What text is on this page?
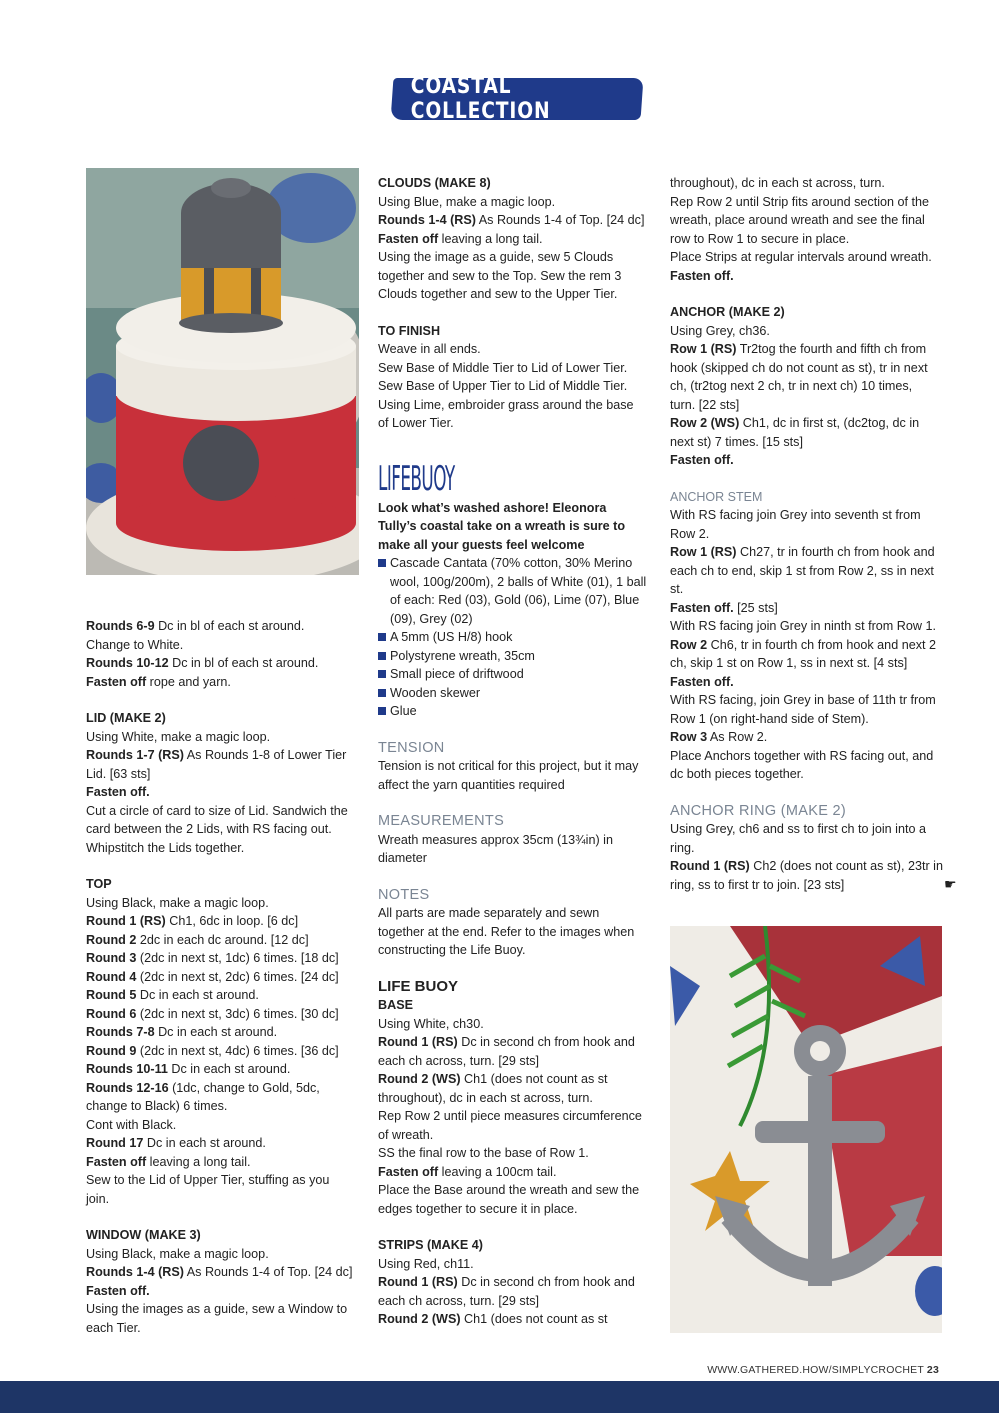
COASTAL COLLECTION

Rounds 6-9 Dc in bl of each st around.

Change to White.

Rounds 10-12 Dc in bl of each st around.

Fasten off rope and yarn.

LID (MAKE 2)

Using White, make a magic loop.

Rounds 1-7 (RS) As Rounds 1-8 of Lower Tier

Lid. [63 sts]

Fasten off.

Cut a circle of card to size of Lid. Sandwich the

card between the 2 Lids, with RS facing out.

Whipstitch the Lids together.

TOP

Using Black, make a magic loop.

Round 1 (RS) Ch1, 6dc in loop. [6 dc]

Round 2 2dc in each dc around. [12 dc]

Round 3 (2dc in next st, 1dc) 6 times. [18 dc]

Round 4 (2dc in next st, 2dc) 6 times. [24 dc]

Round 5 Dc in each st around.

Round 6 (2dc in next st, 3dc) 6 times. [30 dc]

Rounds 7-8 Dc in each st around.

Round 9 (2dc in next st, 4dc) 6 times. [36 dc]

Rounds 10-11 Dc in each st around.

Rounds 12-16 (1dc, change to Gold, 5dc,

change to Black) 6 times.

Cont with Black.

Round 17 Dc in each st around.

Fasten off leaving a long tail.

Sew to the Lid of Upper Tier, stuffing as you

join.

WINDOW (MAKE 3)

Using Black, make a magic loop.

Rounds 1-4 (RS) As Rounds 1-4 of Top. [24 dc]

Fasten off.

Using the images as a guide, sew a Window to

each Tier.

CLOUDS (MAKE 8)

Using Blue, make a magic loop.

Rounds 1-4 (RS) As Rounds 1-4 of Top. [24 dc]

Fasten off leaving a long tail.

Using the image as a guide, sew 5 Clouds

together and sew to the Top. Sew the rem 3

Clouds together and sew to the Upper Tier.

TO FINISH

Weave in all ends.

Sew Base of Middle Tier to Lid of Lower Tier.

Sew Base of Upper Tier to Lid of Middle Tier.

Using Lime, embroider grass around the base

of Lower Tier.

LIFEBUOY

Look what’s washed ashore! Eleonora

Tully’s coastal take on a wreath is sure to

make all your guests feel welcome

Cascade Cantata (70% cotton, 30% Merino
wool, 100g/200m), 2 balls of White (01), 1 ball
of each: Red (03), Gold (06), Lime (07), Blue
(09), Grey (02)
A 5mm (US H/8) hook
Polystyrene wreath, 35cm
Small piece of driftwood
Wooden skewer
Glue

TENSION

Tension is not critical for this project, but it may

affect the yarn quantities required

MEASUREMENTS

Wreath measures approx 35cm (13¾in) in

diameter

NOTES

All parts are made separately and sewn

together at the end. Refer to the images when

constructing the Life Buoy.

LIFE BUOY

BASE

Using White, ch30.

Round 1 (RS) Dc in second ch from hook and

each ch across, turn. [29 sts]

Round 2 (WS) Ch1 (does not count as st

throughout), dc in each st across, turn.

Rep Row 2 until piece measures circumference

of wreath.

SS the final row to the base of Row 1.

Fasten off leaving a 100cm tail.

Place the Base around the wreath and sew the

edges together to secure it in place.

STRIPS (MAKE 4)

Using Red, ch11.

Round 1 (RS) Dc in second ch from hook and

each ch across, turn. [29 sts]

Round 2 (WS) Ch1 (does not count as st

throughout), dc in each st across, turn.

Rep Row 2 until Strip fits around section of the

wreath, place around wreath and see the final

row to Row 1 to secure in place.

Place Strips at regular intervals around wreath.

Fasten off.

ANCHOR (MAKE 2)

Using Grey, ch36.

Row 1 (RS) Tr2tog the fourth and fifth ch from

hook (skipped ch do not count as st), tr in next

ch, (tr2tog next 2 ch, tr in next ch) 10 times,

turn. [22 sts]

Row 2 (WS) Ch1, dc in first st, (dc2tog, dc in

next st) 7 times. [15 sts]

Fasten off.

ANCHOR STEM

With RS facing join Grey into seventh st from

Row 2.

Row 1 (RS) Ch27, tr in fourth ch from hook and

each ch to end, skip 1 st from Row 2, ss in next

st.

Fasten off. [25 sts]

With RS facing join Grey in ninth st from Row 1.

Row 2 Ch6, tr in fourth ch from hook and next 2

ch, skip 1 st on Row 1, ss in next st. [4 sts]

Fasten off.

With RS facing, join Grey in base of 11th tr from

Row 1 (on right-hand side of Stem).

Row 3 As Row 2.

Place Anchors together with RS facing out, and

dc both pieces together.

ANCHOR RING (MAKE 2)

Using Grey, ch6 and ss to first ch to join into a

ring.

Round 1 (RS) Ch2 (does not count as st), 23tr in

ring, ss to first tr to join. [23 sts]	☛
WWW.GATHERED.HOW/SIMPLYCROCHET 23
